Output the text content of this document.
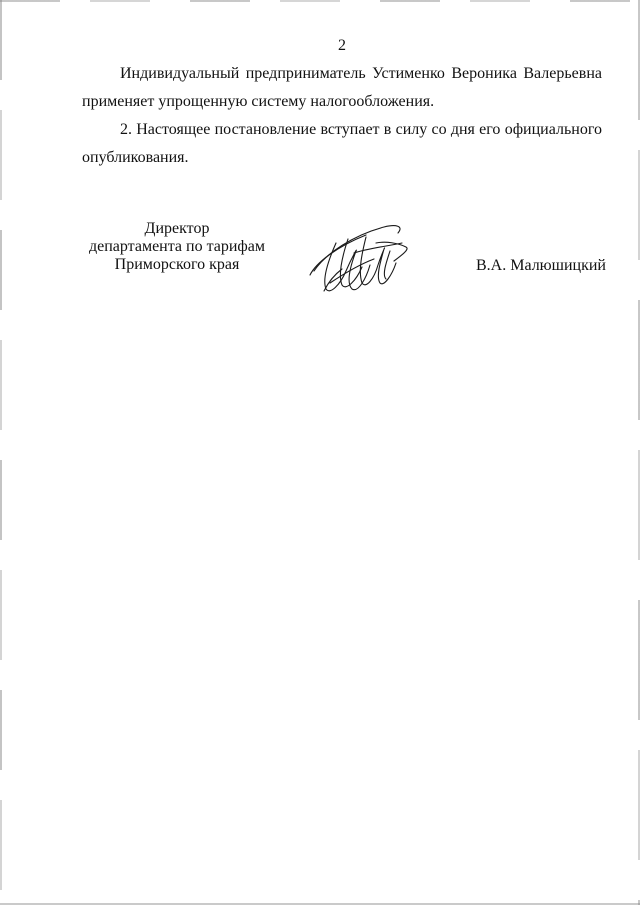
2

Индивидуальный предприниматель Устименко Вероника Валерьевна
применяет упрощенную систему налогообложения.

2. Настоящее постановление вступает в силу со дня его официального
опубликования.

Директор
департамента по тарифам
Приморского края	В.А. Малюшицкий
